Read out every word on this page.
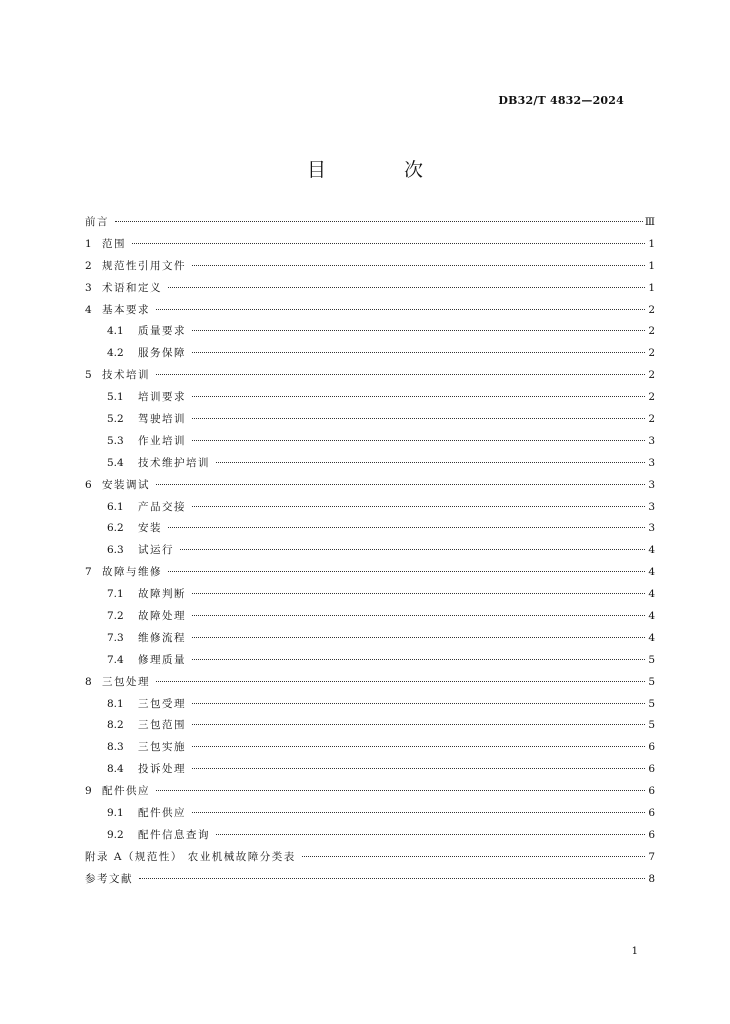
DB32/T 4832—2024
目 次
前言	Ⅲ
1 范围	1
2 规范性引用文件	1
3 术语和定义	1
4 基本要求	2
4.1	质量要求	2
4.2	服务保障	2
5 技术培训	2
5.1	培训要求	2
5.2	驾驶培训	2
5.3	作业培训	3
5.4	技术维护培训	3
6 安装调试	3
6.1	产品交接	3
6.2	安装	3
6.3	试运行	4
7 故障与维修	4
7.1	故障判断	4
7.2	故障处理	4
7.3	维修流程	4
7.4	修理质量	5
8 三包处理	5
8.1	三包受理	5
8.2	三包范围	5
8.3	三包实施	6
8.4	投诉处理	6
9 配件供应	6
9.1	配件供应	6
9.2	配件信息查询	6
附录 A（规范性） 农业机械故障分类表	7
参考文献	8
1
